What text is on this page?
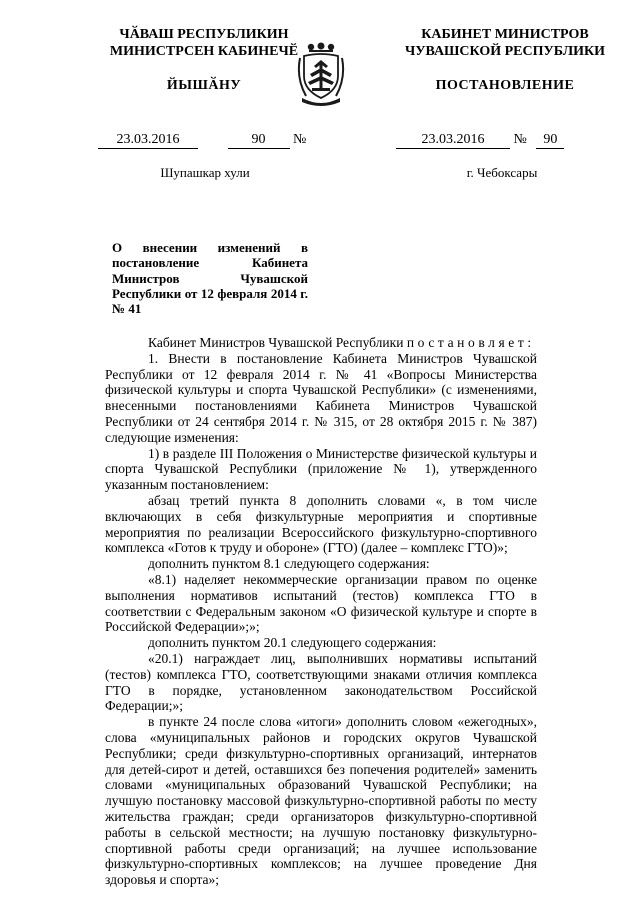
ЧӐВАШ РЕСПУБЛИКИН
МИНИСТРСЕН КАБИНЕЧӖ
ЙЫШӐНУ
КАБИНЕТ МИНИСТРОВ
ЧУВАШСКОЙ РЕСПУБЛИКИ
ПОСТАНОВЛЕНИЕ
23.03.2016	90 №	23.03.2016 № 90
Шупашкар хули	г. Чебоксары
О внесении изменений в постановление Кабинета Министров Чувашской Республики от 12 февраля 2014 г. № 41

Кабинет Министров Чувашской Республики постановляет:

1. Внести в постановление Кабинета Министров Чувашской Республики от 12 февраля 2014 г. № 41 «Вопросы Министерства физической культуры и спорта Чувашской Республики» (с изменениями, внесенными постановлениями Кабинета Министров Чувашской Республики от 24 сентября 2014 г. № 315, от 28 октября 2015 г. № 387) следующие изменения:

1) в разделе III Положения о Министерстве физической культуры и спорта Чувашской Республики (приложение № 1), утвержденного указанным постановлением:

абзац третий пункта 8 дополнить словами «, в том числе включающих в себя физкультурные мероприятия и спортивные мероприятия по реализации Всероссийского физкультурно-спортивного комплекса «Готов к труду и обороне» (ГТО) (далее – комплекс ГТО)»;

дополнить пунктом 8.1 следующего содержания:

«8.1) наделяет некоммерческие организации правом по оценке выполнения нормативов испытаний (тестов) комплекса ГТО в соответствии с Федеральным законом «О физической культуре и спорте в Российской Федерации»;»;

дополнить пунктом 20.1 следующего содержания:

«20.1) награждает лиц, выполнивших нормативы испытаний (тестов) комплекса ГТО, соответствующими знаками отличия комплекса ГТО в порядке, установленном законодательством Российской Федерации;»;

в пункте 24 после слова «итоги» дополнить словом «ежегодных», слова «муниципальных районов и городских округов Чувашской Республики; среди физкультурно-спортивных организаций, интернатов для детей-сирот и детей, оставшихся без попечения родителей» заменить словами «муниципальных образований Чувашской Республики; на лучшую постановку массовой физкультурно-спортивной работы по месту жительства граждан; среди организаторов физкультурно-спортивной работы в сельской местности; на лучшую постановку физкультурно-спортивной работы среди организаций; на лучшее использование физкультурно-спортивных комплексов; на лучшее проведение Дня здоровья и спорта»;
